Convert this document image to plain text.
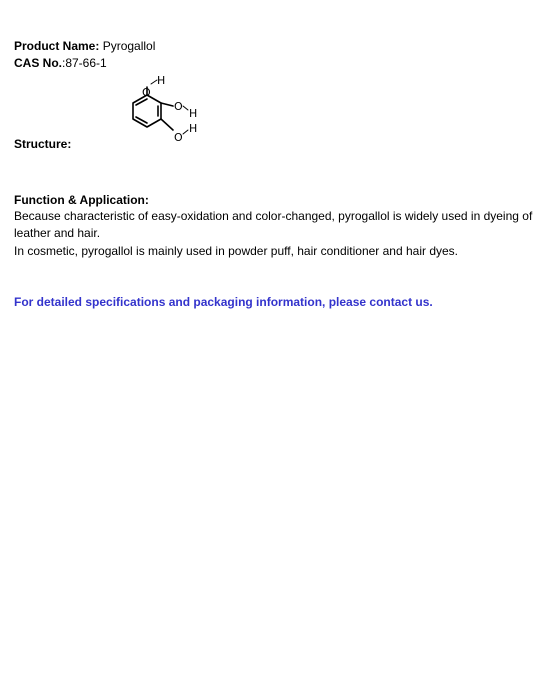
Product Name: Pyrogallol
CAS No.:87-66-1
O
H
O
H
O
H
Structure:
Function & Application:
Because characteristic of easy-oxidation and color-changed, pyrogallol is widely used in dyeing of leather and hair.
In cosmetic, pyrogallol is mainly used in powder puff, hair conditioner and hair dyes.
For detailed specifications and packaging information, please contact us.
